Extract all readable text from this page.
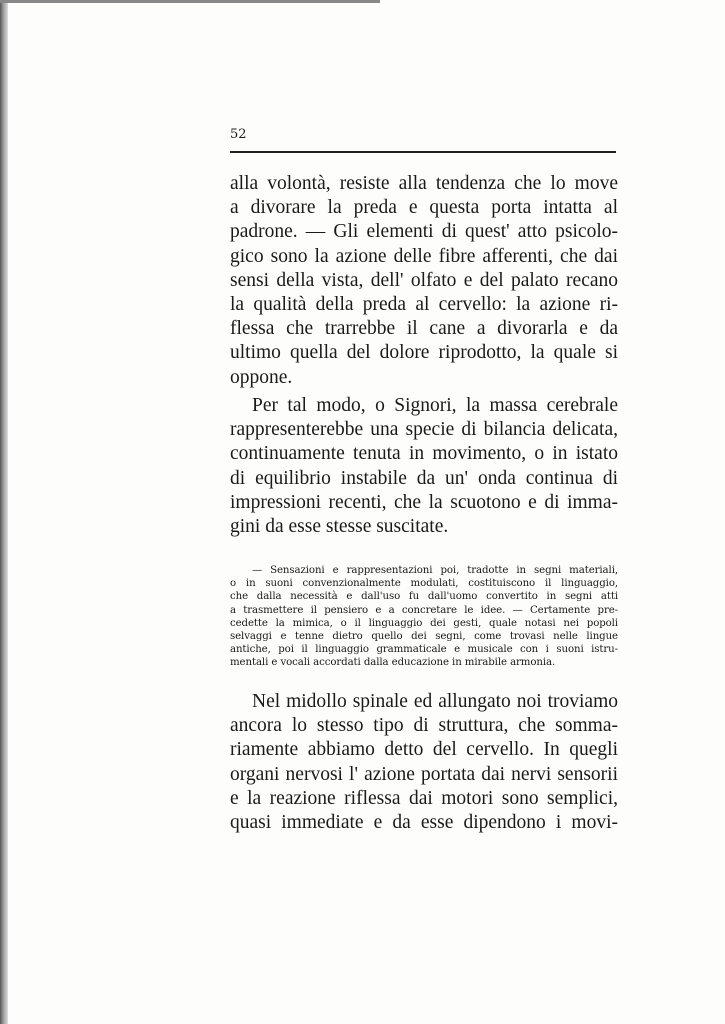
52
alla volontà, resiste alla tendenza che lo move
a divorare la preda e questa porta intatta al
padrone. — Gli elementi di quest' atto psicolo-
gico sono la azione delle fibre afferenti, che dai
sensi della vista, dell' olfato e del palato recano
la qualità della preda al cervello: la azione ri-
flessa che trarrebbe il cane a divorarla e da
ultimo quella del dolore riprodotto, la quale si
oppone.
Per tal modo, o Signori, la massa cerebrale
rappresenterebbe una specie di bilancia delicata,
continuamente tenuta in movimento, o in istato
di equilibrio instabile da un' onda continua di
impressioni recenti, che la scuotono e di imma-
gini da esse stesse suscitate.
— Sensazioni e rappresentazioni poi, tradotte in segni materiali,
o in suoni convenzionalmente modulati, costituiscono il linguaggio,
che dalla necessità e dall'uso fu dall'uomo convertito in segni atti
a trasmettere il pensiero e a concretare le idee. — Certamente pre-
cedette la mimica, o il linguaggio dei gesti, quale notasi nei popoli
selvaggi e tenne dietro quello dei segni, come trovasi nelle lingue
antiche, poi il linguaggio grammaticale e musicale con i suoni istru-
mentali e vocali accordati dalla educazione in mirabile armonia.
Nel midollo spinale ed allungato noi troviamo
ancora lo stesso tipo di struttura, che somma-
riamente abbiamo detto del cervello. In quegli
organi nervosi l' azione portata dai nervi sensorii
e la reazione riflessa dai motori sono semplici,
quasi immediate e da esse dipendono i movi-
